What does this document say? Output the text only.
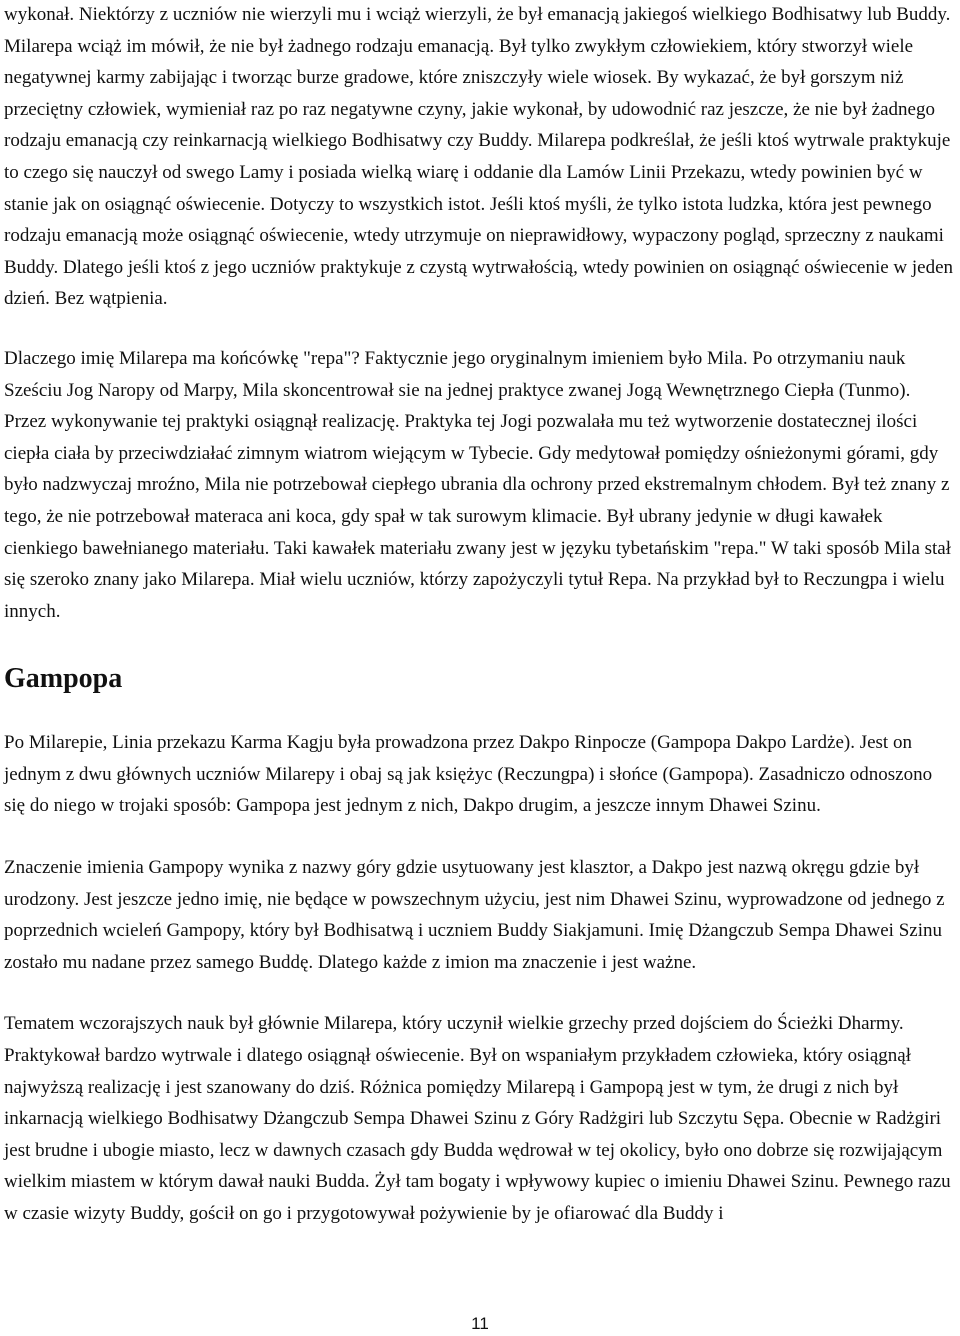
wykonał. Niektórzy z uczniów nie wierzyli mu i wciąż wierzyli, że był emanacją jakiegoś wielkiego Bodhisatwy lub Buddy. Milarepa wciąż im mówił, że nie był żadnego rodzaju emanacją. Był tylko zwykłym człowiekiem, który stworzył wiele negatywnej karmy zabijając i tworząc burze gradowe, które zniszczyły wiele wiosek. By wykazać, że był gorszym niż przeciętny człowiek, wymieniał raz po raz negatywne czyny, jakie wykonał, by udowodnić raz jeszcze, że nie był żadnego rodzaju emanacją czy reinkarnacją wielkiego Bodhisatwy czy Buddy. Milarepa podkreślał, że jeśli ktoś wytrwale praktykuje to czego się nauczył od swego Lamy i posiada wielką wiarę i oddanie dla Lamów Linii Przekazu, wtedy powinien być w stanie jak on osiągnąć oświecenie. Dotyczy to wszystkich istot. Jeśli ktoś myśli, że tylko istota ludzka, która jest pewnego rodzaju emanacją może osiągnąć oświecenie, wtedy utrzymuje on nieprawidłowy, wypaczony pogląd, sprzeczny z naukami Buddy. Dlatego jeśli ktoś z jego uczniów praktykuje z czystą wytrwałością, wtedy powinien on osiągnąć oświecenie w jeden dzień. Bez wątpienia.

Dlaczego imię Milarepa ma końcówkę "repa"? Faktycznie jego oryginalnym imieniem było Mila. Po otrzymaniu nauk Sześciu Jog Naropy od Marpy, Mila skoncentrował sie na jednej praktyce zwanej Jogą Wewnętrznego Ciepła (Tunmo). Przez wykonywanie tej praktyki osiągnął realizację. Praktyka tej Jogi pozwalała mu też wytworzenie dostatecznej ilości ciepła ciała by przeciwdziałać zimnym wiatrom wiejącym w Tybecie. Gdy medytował pomiędzy ośnieżonymi górami, gdy było nadzwyczaj mroźno, Mila nie potrzebował ciepłego ubrania dla ochrony przed ekstremalnym chłodem. Był też znany z tego, że nie potrzebował materaca ani koca, gdy spał w tak surowym klimacie. Był ubrany jedynie w długi kawałek cienkiego bawełnianego materiału. Taki kawałek materiału zwany jest w języku tybetańskim "repa." W taki sposób Mila stał się szeroko znany jako Milarepa. Miał wielu uczniów, którzy zapożyczyli tytuł Repa. Na przykład był to Reczungpa i wielu innych.

Gampopa

Po Milarepie, Linia przekazu Karma Kagju była prowadzona przez Dakpo Rinpocze (Gampopa Dakpo Lardże). Jest on jednym z dwu głównych uczniów Milarepy i obaj są jak księżyc (Reczungpa) i słońce (Gampopa). Zasadniczo odnoszono się do niego w trojaki sposób: Gampopa jest jednym z nich, Dakpo drugim, a jeszcze innym Dhawei Szinu.

Znaczenie imienia Gampopy wynika z nazwy góry gdzie usytuowany jest klasztor, a Dakpo jest nazwą okręgu gdzie był urodzony. Jest jeszcze jedno imię, nie będące w powszechnym użyciu, jest nim Dhawei Szinu, wyprowadzone od jednego z poprzednich wcieleń Gampopy, który był Bodhisatwą i uczniem Buddy Siakjamuni. Imię Dżangczub Sempa Dhawei Szinu zostało mu nadane przez samego Buddę. Dlatego każde z imion ma znaczenie i jest ważne.

Tematem wczorajszych nauk był głównie Milarepa, który uczynił wielkie grzechy przed dojściem do Ścieżki Dharmy. Praktykował bardzo wytrwale i dlatego osiągnął oświecenie. Był on wspaniałym przykładem człowieka, który osiągnął najwyższą realizację i jest szanowany do dziś. Różnica pomiędzy Milarepą i Gampopą jest w tym, że drugi z nich był inkarnacją wielkiego Bodhisatwy Dżangczub Sempa Dhawei Szinu z Góry Radżgiri lub Szczytu Sępa. Obecnie w Radżgiri jest brudne i ubogie miasto, lecz w dawnych czasach gdy Budda wędrował w tej okolicy, było ono dobrze się rozwijającym wielkim miastem w którym dawał nauki Budda. Żył tam bogaty i wpływowy kupiec o imieniu Dhawei Szinu. Pewnego razu w czasie wizyty Buddy, gościł on go i przygotowywał pożywienie by je ofiarować dla Buddy i

11
